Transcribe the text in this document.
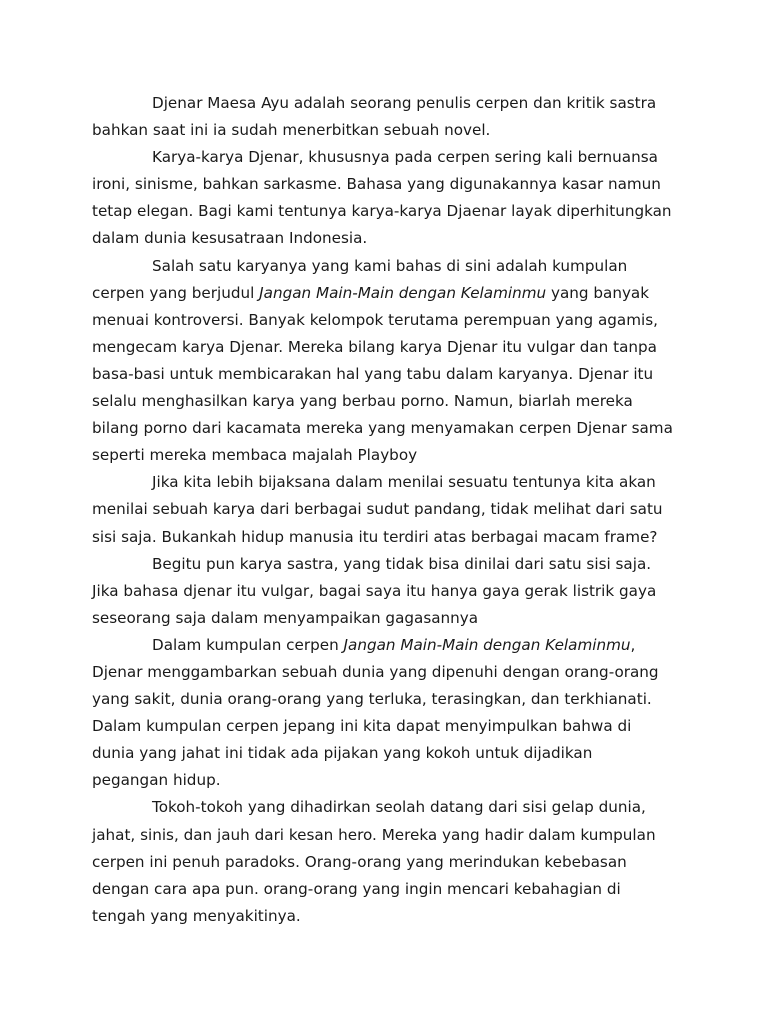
Djenar Maesa Ayu adalah seorang penulis cerpen dan kritik sastra
bahkan saat ini ia sudah menerbitkan sebuah novel.
Karya-karya Djenar, khususnya pada cerpen sering kali bernuansa
ironi, sinisme, bahkan sarkasme. Bahasa yang digunakannya kasar namun
tetap elegan. Bagi kami tentunya karya-karya Djaenar layak diperhitungkan
dalam dunia kesusatraan Indonesia.
Salah satu karyanya yang kami bahas di sini adalah kumpulan
cerpen yang berjudul Jangan Main-Main dengan Kelaminmu yang banyak
menuai kontroversi. Banyak kelompok terutama perempuan yang agamis,
mengecam karya Djenar. Mereka bilang karya Djenar itu vulgar dan tanpa
basa-basi untuk membicarakan hal yang tabu dalam karyanya. Djenar itu
selalu menghasilkan karya yang berbau porno. Namun, biarlah mereka
bilang porno dari kacamata mereka yang menyamakan cerpen Djenar sama
seperti mereka membaca majalah Playboy
Jika kita lebih bijaksana dalam menilai sesuatu tentunya kita akan
menilai sebuah karya dari berbagai sudut pandang, tidak melihat dari satu
sisi saja. Bukankah hidup manusia itu terdiri atas berbagai macam frame?
Begitu pun karya sastra, yang tidak bisa dinilai dari satu sisi saja.
Jika bahasa djenar itu vulgar, bagai saya itu hanya gaya gerak listrik gaya
seseorang saja dalam menyampaikan gagasannya
Dalam kumpulan cerpen Jangan Main-Main dengan Kelaminmu,
Djenar menggambarkan sebuah dunia yang dipenuhi dengan orang-orang
yang sakit, dunia orang-orang yang terluka, terasingkan, dan terkhianati.
Dalam kumpulan cerpen jepang ini kita dapat menyimpulkan bahwa di
dunia yang jahat ini tidak ada pijakan yang kokoh untuk dijadikan
pegangan hidup.
Tokoh-tokoh yang dihadirkan seolah datang dari sisi gelap dunia,
jahat, sinis, dan jauh dari kesan hero. Mereka yang hadir dalam kumpulan
cerpen ini penuh paradoks. Orang-orang yang merindukan kebebasan
dengan cara apa pun. orang-orang yang ingin mencari kebahagian di
tengah yang menyakitinya.
